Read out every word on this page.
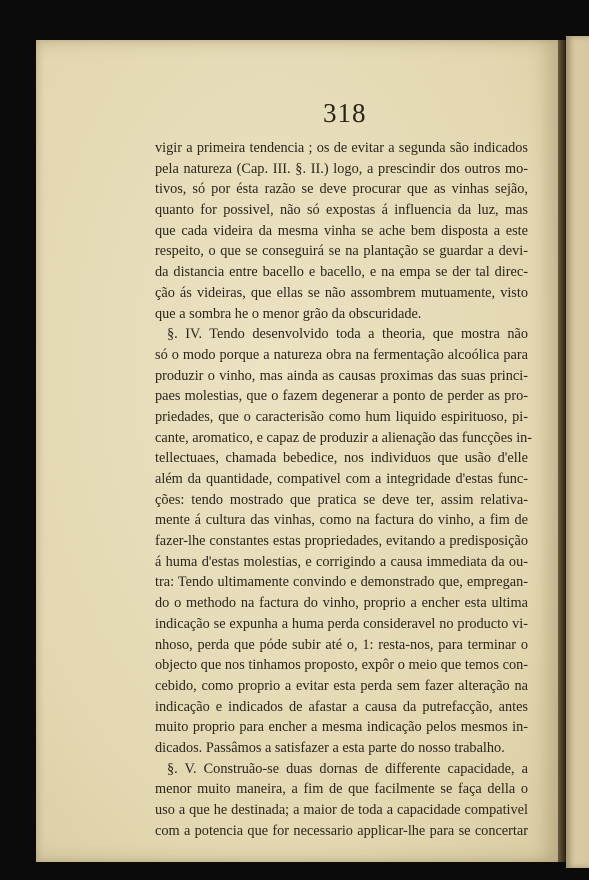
318
vigir a primeira tendencia ; os de evitar a segunda são indicados
pela natureza (Cap. III. §. II.) logo, a prescindir dos outros mo-
tivos, só por ésta razão se deve procurar que as vinhas sejão,
quanto for possivel, não só expostas á influencia da luz, mas
que cada videira da mesma vinha se ache bem disposta a este
respeito, o que se conseguirá se na plantação se guardar a devi-
da distancia entre bacello e bacello, e na empa se der tal direc-
ção ás videiras, que ellas se não assombrem mutuamente, visto
que a sombra he o menor grão da obscuridade.
§. IV. Tendo desenvolvido toda a theoria, que mostra não
só o modo porque a natureza obra na fermentação alcoólica para
produzir o vinho, mas ainda as causas proximas das suas princi-
paes molestias, que o fazem degenerar a ponto de perder as pro-
priedades, que o caracterisão como hum liquido espirituoso, pi-
cante, aromatico, e capaz de produzir a alienação das funcções in-
tellectuaes, chamada bebedice, nos individuos que usão d'elle
além da quantidade, compativel com a integridade d'estas func-
ções: tendo mostrado que pratica se deve ter, assim relativa-
mente á cultura das vinhas, como na factura do vinho, a fim de
fazer-lhe constantes estas propriedades, evitando a predisposição
á huma d'estas molestias, e corrigindo a causa immediata da ou-
tra: Tendo ultimamente convindo e demonstrado que, empregan-
do o methodo na factura do vinho, proprio a encher esta ultima
indicação se expunha a huma perda consideravel no producto vi-
nhoso, perda que póde subir até o, 1: resta-nos, para terminar o
objecto que nos tinhamos proposto, expôr o meio que temos con-
cebido, como proprio a evitar esta perda sem fazer alteração na
indicação e indicados de afastar a causa da putrefacção, antes
muito proprio para encher a mesma indicação pelos mesmos in-
dicados. Passâmos a satisfazer a esta parte do nosso trabalho.
§. V. Construão-se duas dornas de differente capacidade, a
menor muito maneira, a fim de que facilmente se faça della o
uso a que he destinada; a maior de toda a capacidade compativel
com a potencia que for necessario applicar-lhe para se concertar
